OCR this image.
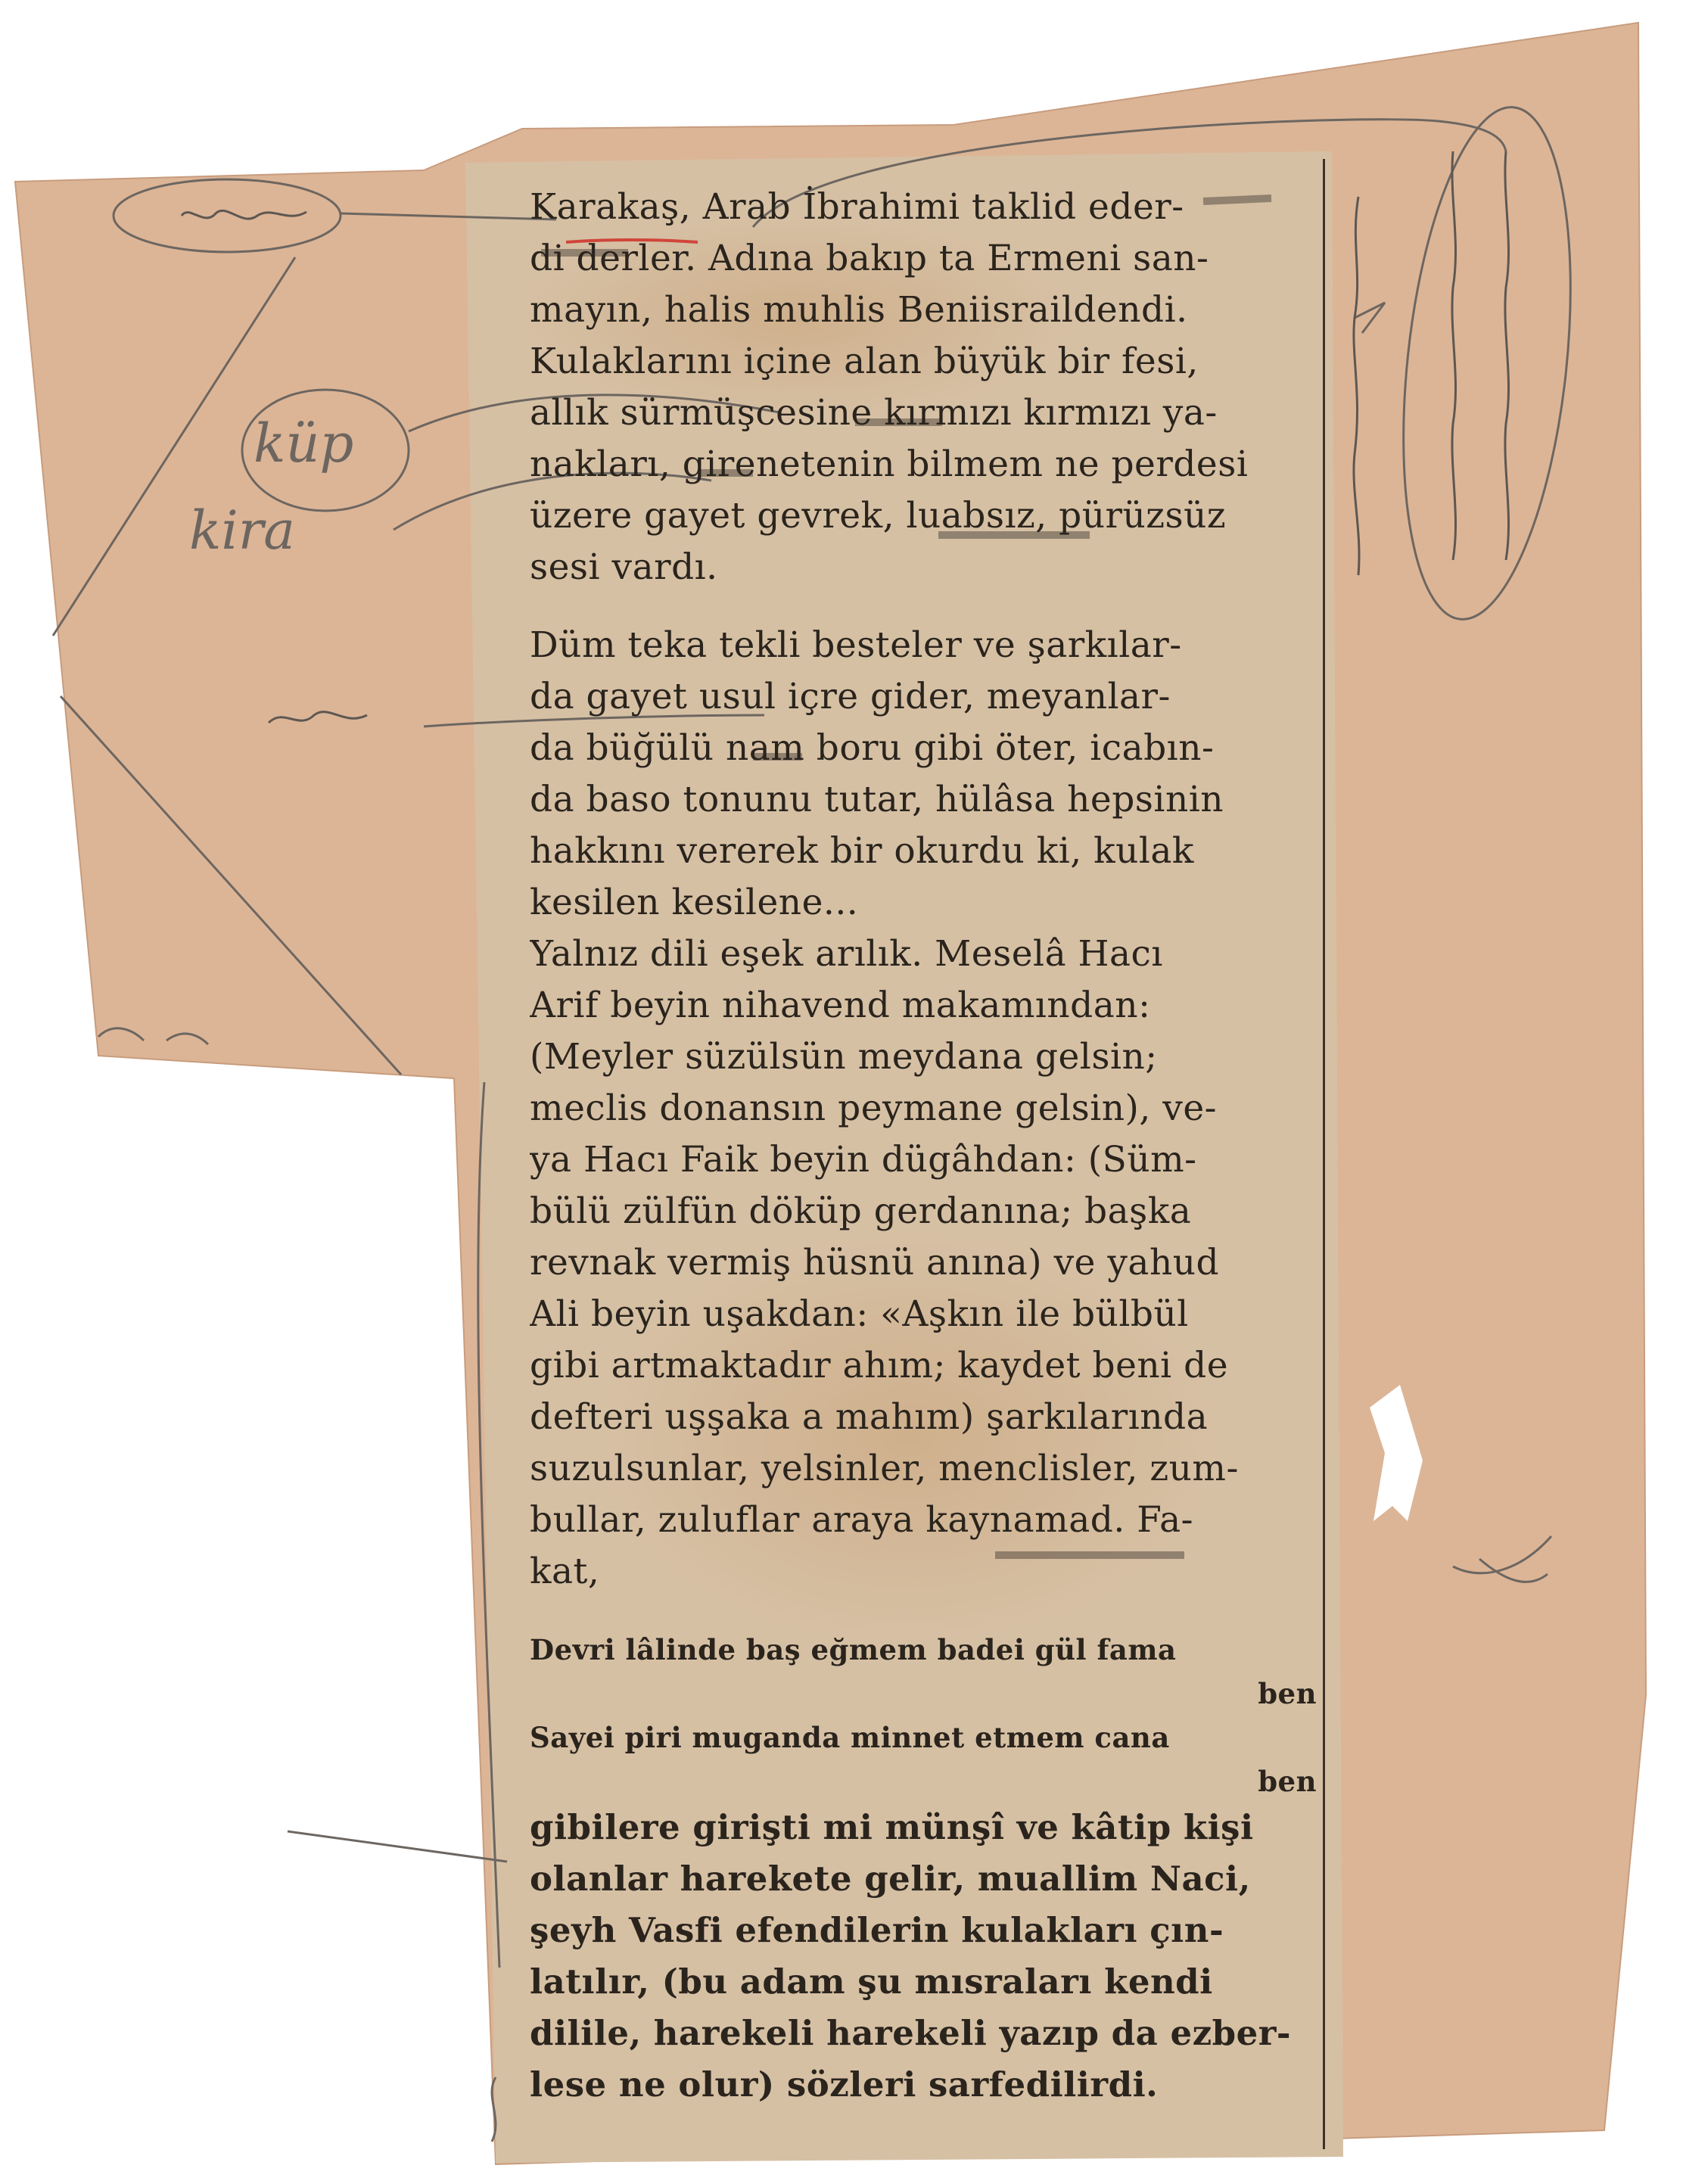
Karakaş, Arab İbrahimi taklid eder-
di derler. Adına bakıp ta Ermeni san-
mayın, halis muhlis Beniisraildendi.
Kulaklarını içine alan büyük bir fesi,
allık sürmüşcesine kırmızı kırmızı ya-
nakları, girenetenin bilmem ne perdesi
üzere gayet gevrek, luabsız, pürüzsüz
sesi vardı.

Düm teka tekli besteler ve şarkılar-
da gayet usul içre gider, meyanlar-
da büğülü nam boru gibi öter, icabın-
da baso tonunu tutar, hülâsa hepsinin
hakkını vererek bir okurdu ki, kulak
kesilen kesilene...

Yalnız dili eşek arılık. Meselâ Hacı
Arif beyin nihavend makamından:
(Meyler süzülsün meydana gelsin;
meclis donansın peymane gelsin), ve-
ya Hacı Faik beyin dügâhdan: (Süm-
bülü zülfün döküp gerdanına; başka
revnak vermiş hüsnü anına) ve yahud
Ali beyin uşakdan: «Aşkın ile bülbül
gibi artmaktadır ahım; kaydet beni de
defteri uşşaka a mahım) şarkılarında
suzulsunlar, yelsinler, menclisler, zum-
bullar, zuluflar araya kaynamad. Fa-
kat,

Devri lâlinde baş eğmem badei gül fama
ben
Sayei piri muganda minnet etmem cana
ben

gibilere girişti mi münşî ve kâtip kişi
olanlar harekete gelir, muallim Naci,
şeyh Vasfi efendilerin kulakları çın-
latılır, (bu adam şu mısraları kendi
dilile, harekeli harekeli yazıp da ezber-
lese ne olur) sözleri sarfedilirdi.

küp
kira
